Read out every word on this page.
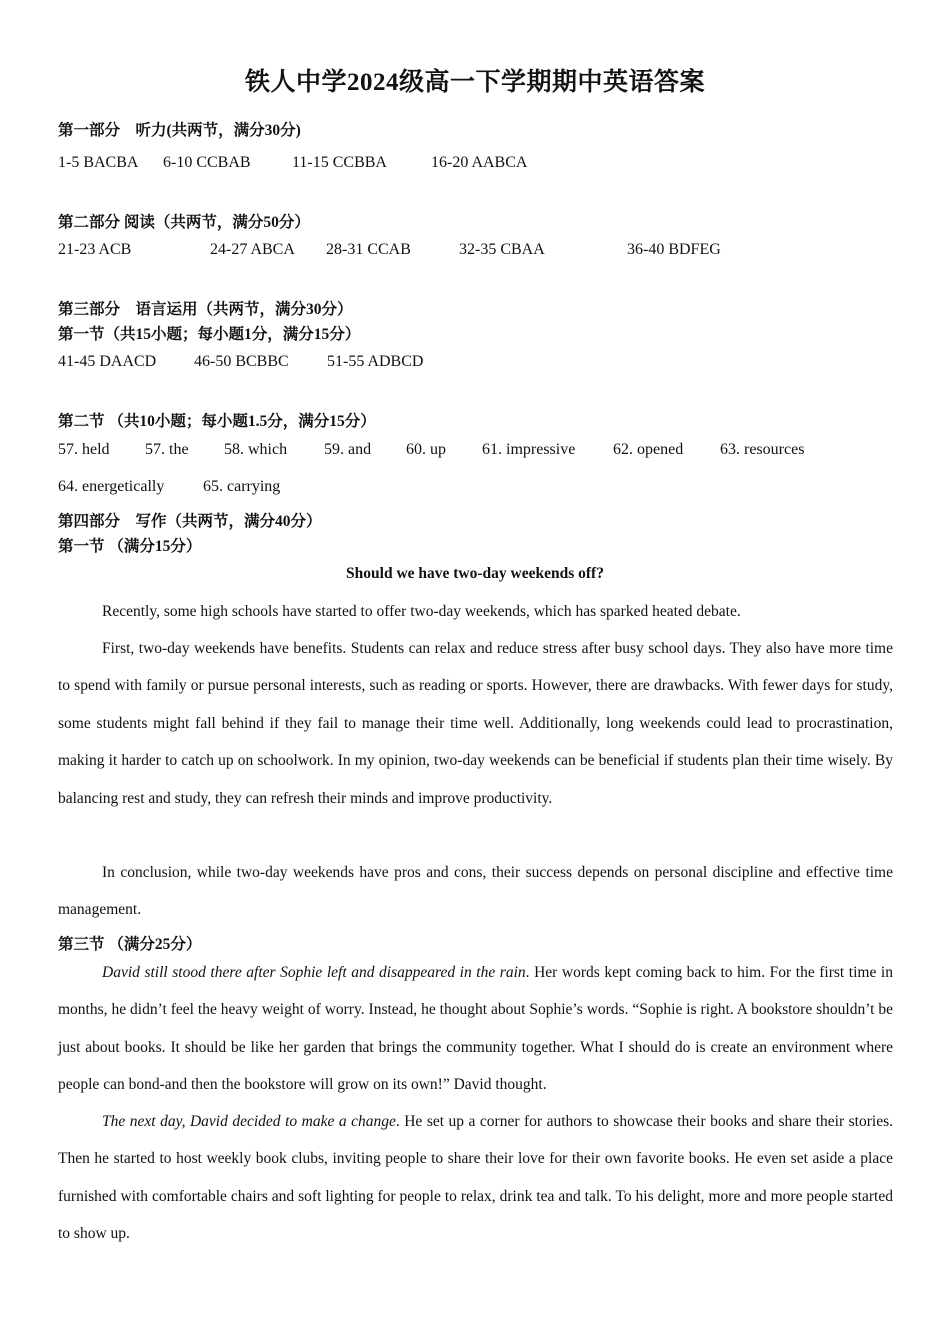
铁人中学2024级高一下学期期中英语答案
第一部分　听力(共两节，满分30分)
1-5 BACBA 6-10 CCBAB	11-15 CCBBA	16-20 AABCA
第二部分 阅读（共两节，满分50分）
21-23 ACB	24-27 ABCA 28-31 CCAB	32-35 CBAA	36-40 BDFEG
第三部分　语言运用（共两节，满分30分）
第一节（共15小题；每小题1分，满分15分）
41-45 DAACD 46-50 BCBBC 51-55 ADBCD
第二节 （共10小题；每小题1.5分，满分15分）
57. held 57. the 58. which 59. and 60. up 61. impressive 62. opened 63. resources
64. energetically 65. carrying
第四部分　写作（共两节，满分40分）
第一节 （满分15分）
Should we have two-day weekends off?

Recently, some high schools have started to offer two-day weekends, which has sparked heated debate.

First, two-day weekends have benefits. Students can relax and reduce stress after busy school days. They also have more time to spend with family or pursue personal interests, such as reading or sports. However, there are drawbacks. With fewer days for study, some students might fall behind if they fail to manage their time well. Additionally, long weekends could lead to procrastination, making it harder to catch up on schoolwork. In my opinion, two-day weekends can be beneficial if students plan their time wisely. By balancing rest and study, they can refresh their minds and improve productivity.

In conclusion, while two-day weekends have pros and cons, their success depends on personal discipline and effective time management.

第三节 （满分25分）

David still stood there after Sophie left and disappeared in the rain. Her words kept coming back to him. For the first time in months, he didn’t feel the heavy weight of worry. Instead, he thought about Sophie’s words. “Sophie is right. A bookstore shouldn’t be just about books. It should be like her garden that brings the community together. What I should do is create an environment where people can bond-and then the bookstore will grow on its own!” David thought.

The next day, David decided to make a change. He set up a corner for authors to showcase their books and share their stories. Then he started to host weekly book clubs, inviting people to share their love for their own favorite books. He even set aside a place furnished with comfortable chairs and soft lighting for people to relax, drink tea and talk. To his delight, more and more people started to show up.
